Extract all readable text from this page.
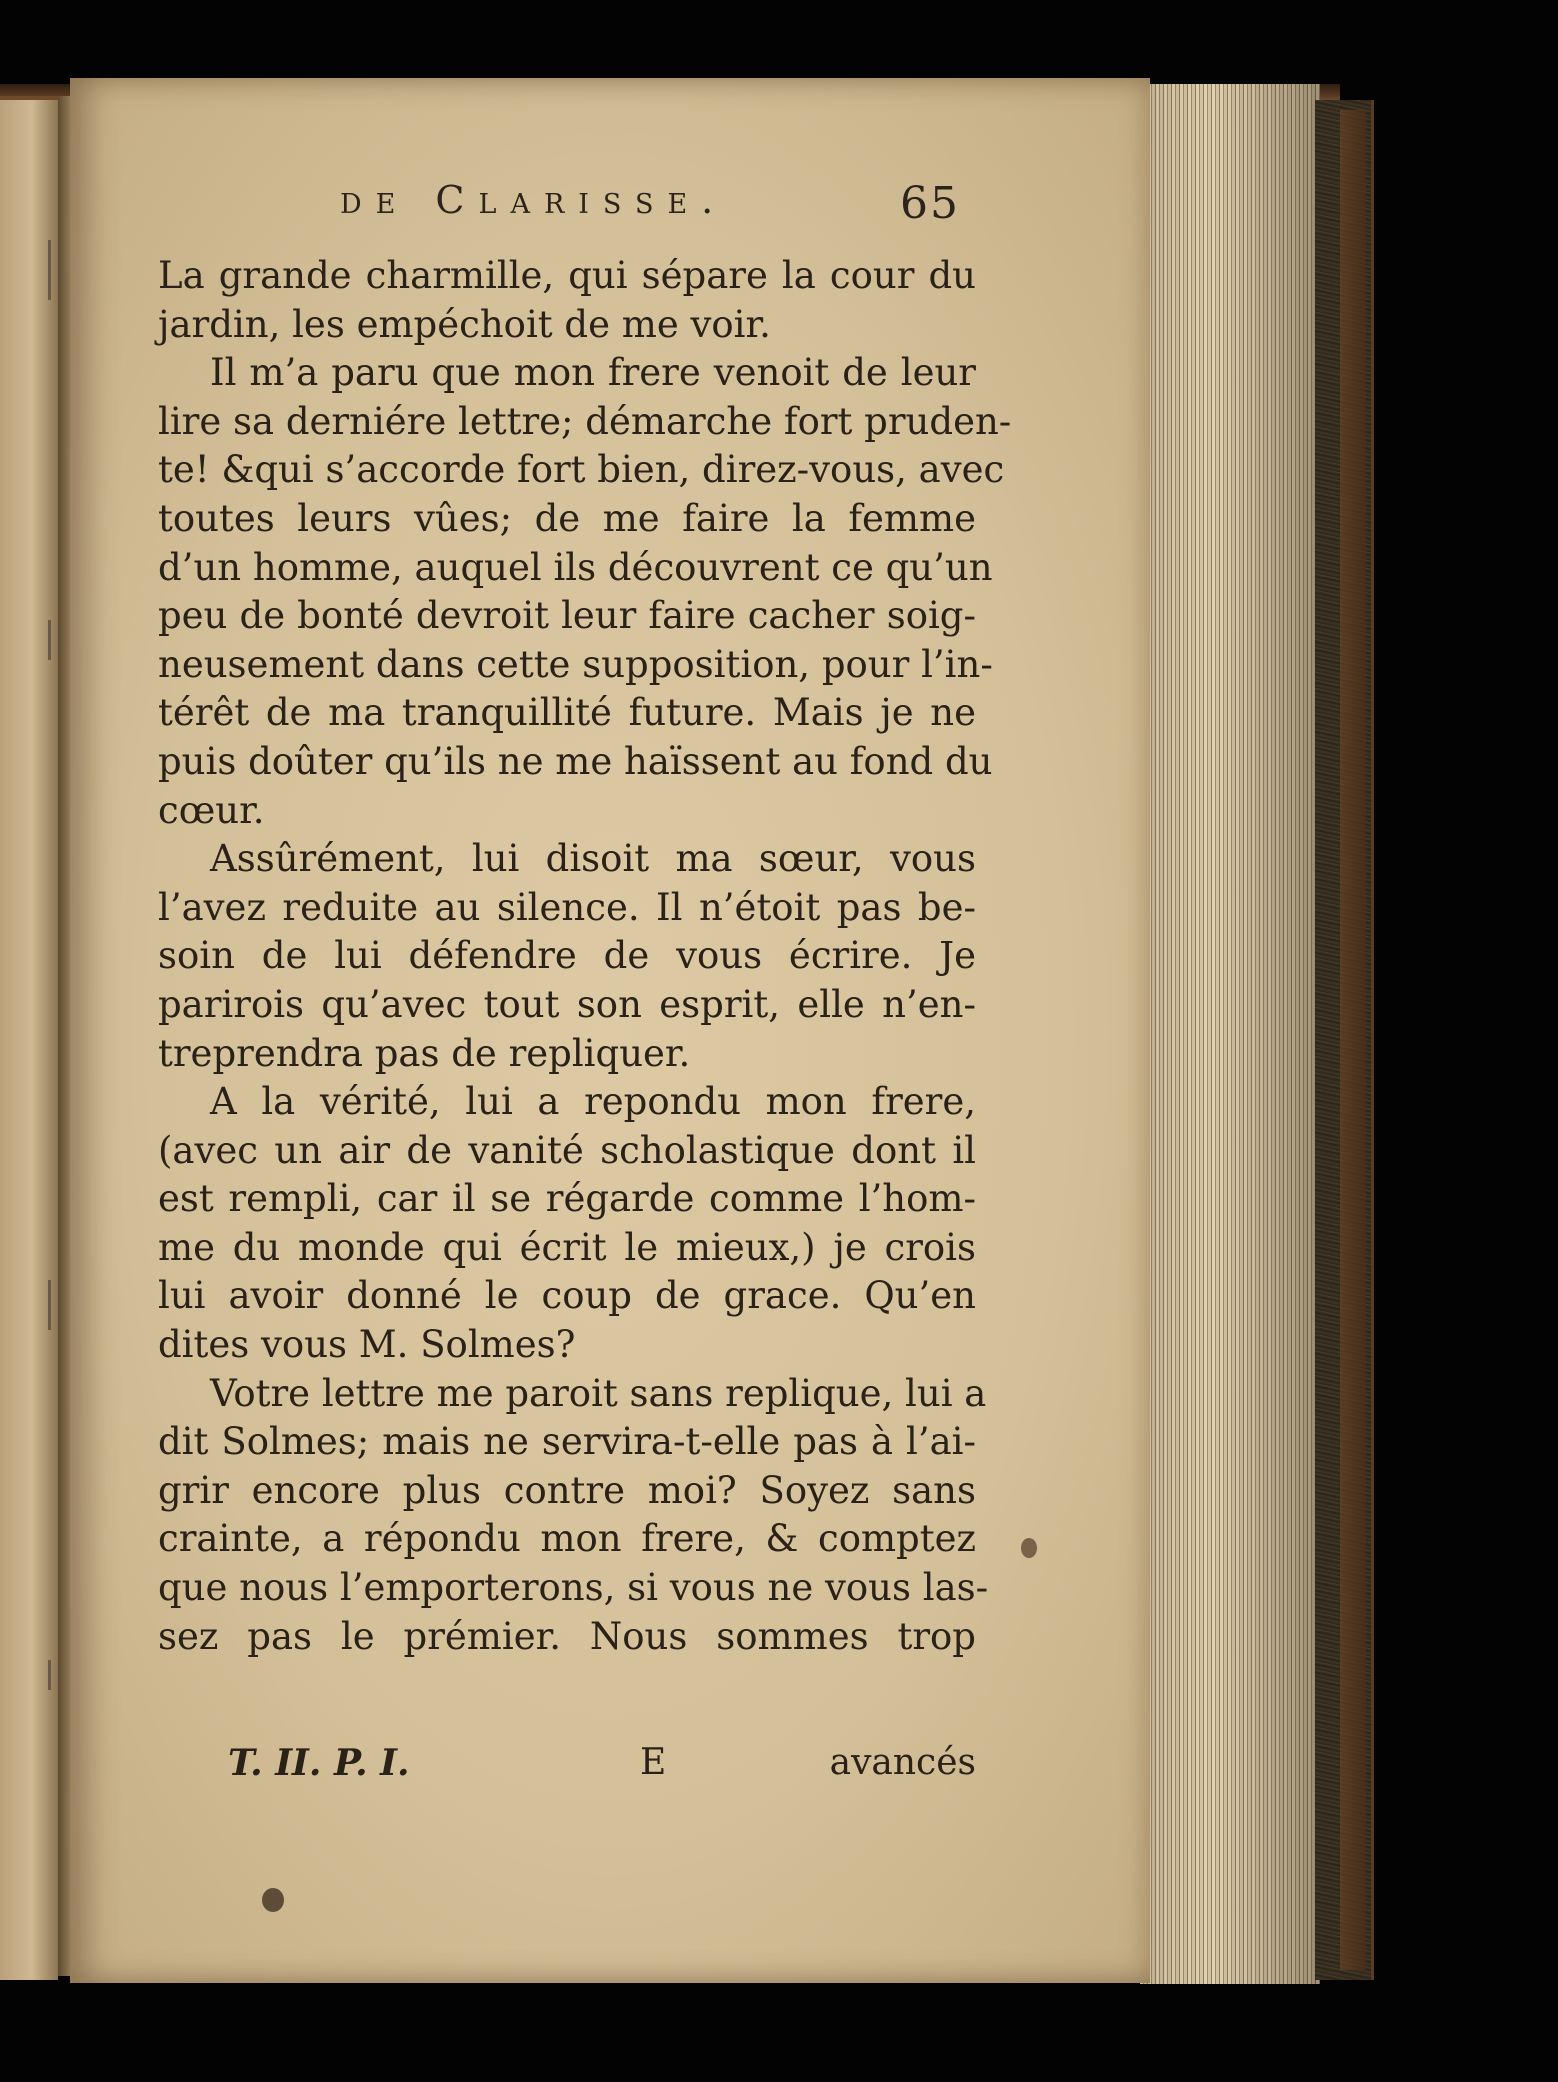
de Clarisse.	65
La grande charmille, qui sépare la cour du
jardin, les empéchoit de me voir.
Il m’a paru que mon frere venoit de leur
lire sa derniére lettre; démarche fort pruden-
te! &qui s’accorde fort bien, direz-vous, avec
toutes leurs vûes; de me faire la femme
d’un homme, auquel ils découvrent ce qu’un
peu de bonté devroit leur faire cacher soig-
neusement dans cette supposition, pour l’in-
térêt de ma tranquillité future. Mais je ne
puis doûter qu’ils ne me haïssent au fond du
cœur.
Assûrément, lui disoit ma sœur, vous
l’avez reduite au silence. Il n’étoit pas be-
soin de lui défendre de vous écrire. Je
parirois qu’avec tout son esprit, elle n’en-
treprendra pas de repliquer.
A la vérité, lui a repondu mon frere,
(avec un air de vanité scholastique dont il
est rempli, car il se régarde comme l’hom-
me du monde qui écrit le mieux,) je crois
lui avoir donné le coup de grace. Qu’en
dites vous M. Solmes?
Votre lettre me paroit sans replique, lui a
dit Solmes; mais ne servira-t-elle pas à l’ai-
grir encore plus contre moi? Soyez sans
crainte, a répondu mon frere, & comptez
que nous l’emporterons, si vous ne vous las-
sez pas le prémier. Nous sommes trop
T. II. P. I.	E	avancés
